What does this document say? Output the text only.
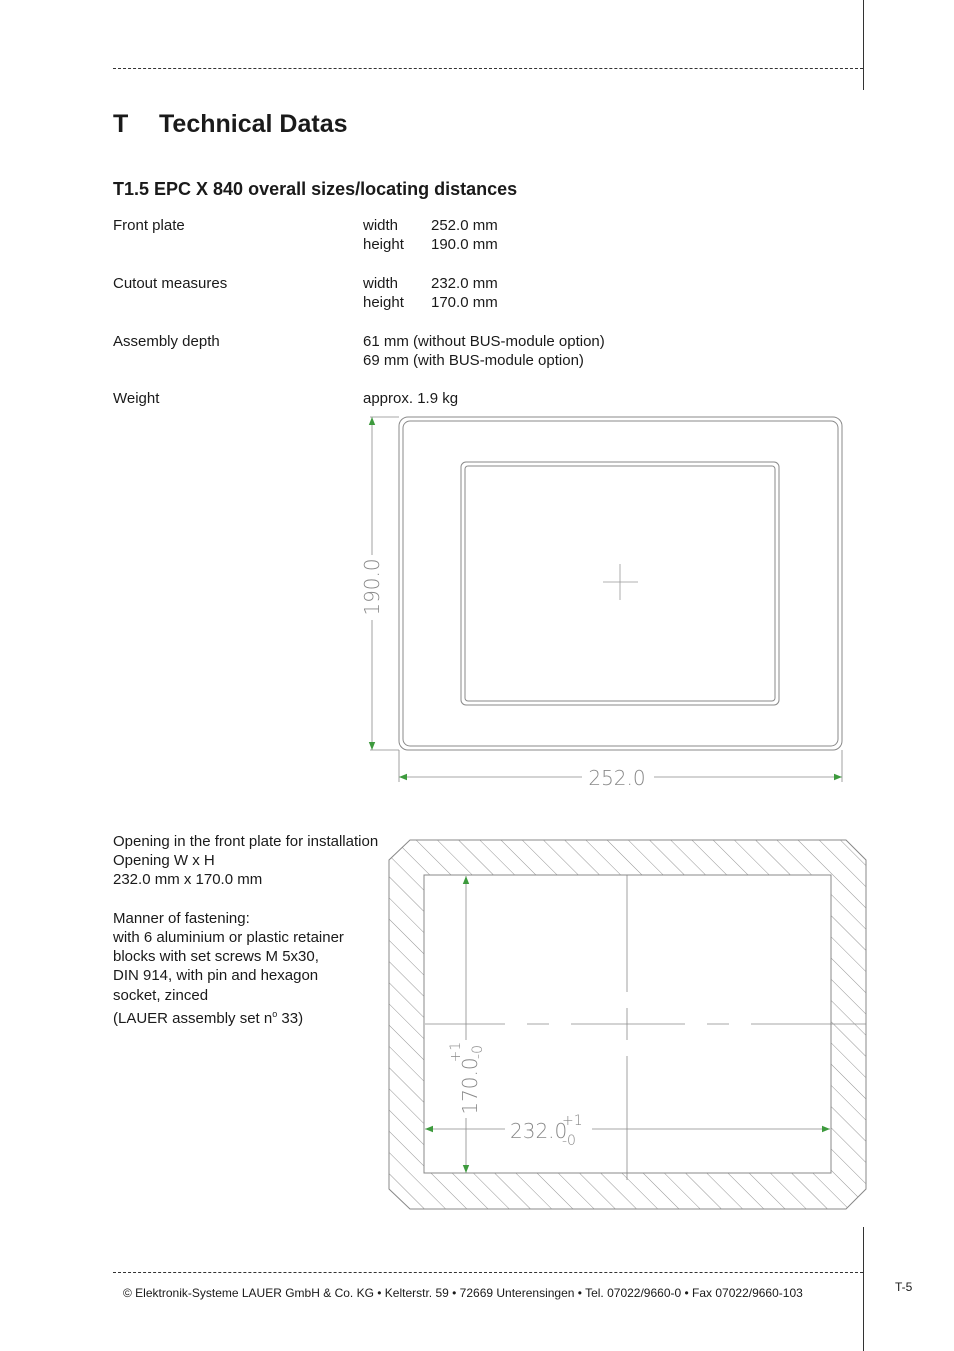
T Technical Datas
T1.5 EPC X 840 overall sizes/locating distances
Front plate	width 252.0 mm
height 190.0 mm
Cutout measures	width 232.0 mm
height 170.0 mm
Assembly depth	61 mm (without BUS-module option)
69 mm (with BUS-module option)
Weight	approx. 1.9 kg
190.0
252.0
Opening in the front plate for installation
Opening W x H
232.0 mm x 170.0 mm

Manner of fastening:
with 6 aluminium or plastic retainer
blocks with set screws M 5x30,
DIN 914, with pin and hexagon
socket, zinced
(LAUER assembly set $n^o$ 33)
170.0
+1 -0
232.0
+1
-0
© Elektronik-Systeme LAUER GmbH & Co. KG • Kelterstr. 59 • 72669 Unterensingen • Tel. 07022/9660-0 • Fax 07022/9660-103	T-5
